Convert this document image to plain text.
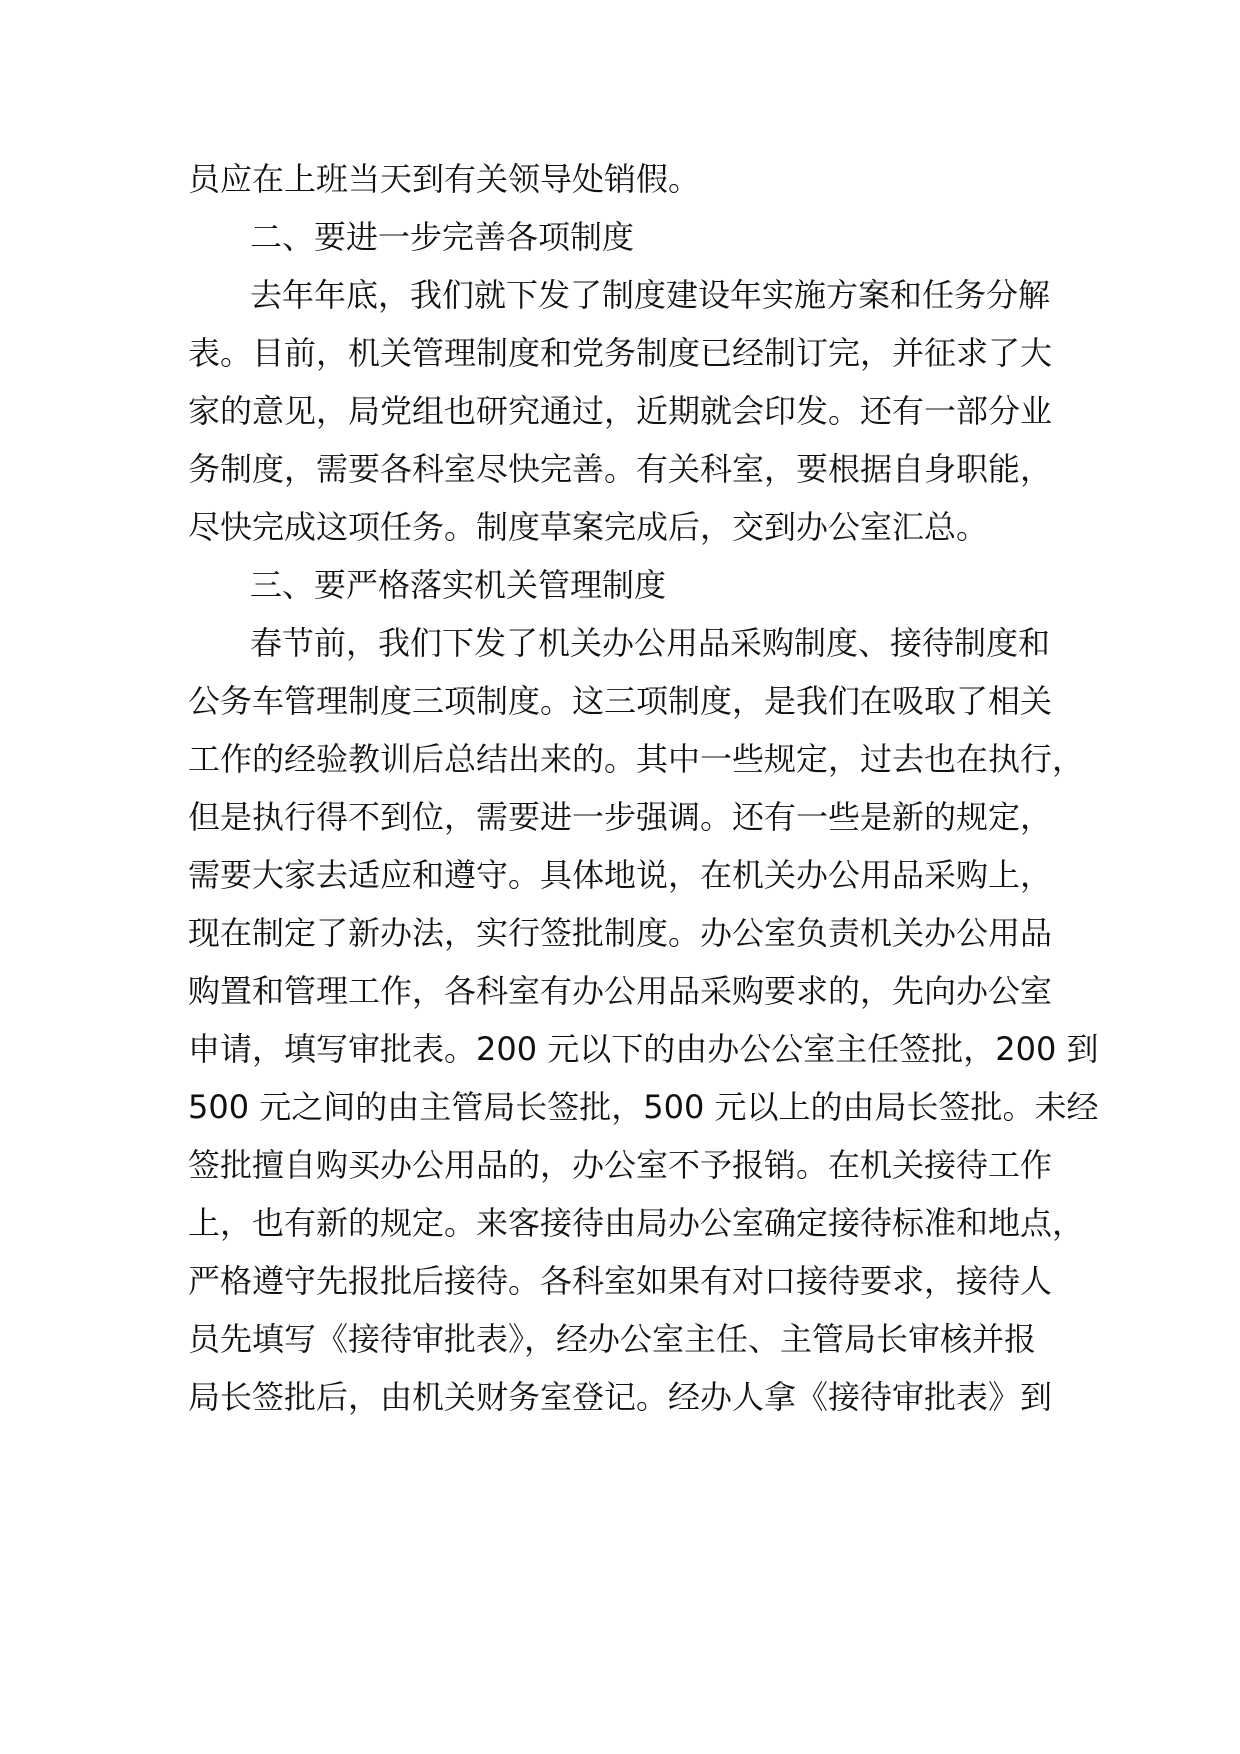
员应在上班当天到有关领导处销假。
二、要进一步完善各项制度
去年年底，我们就下发了制度建设年实施方案和任务分解
表。目前，机关管理制度和党务制度已经制订完，并征求了大
家的意见，局党组也研究通过，近期就会印发。还有一部分业
务制度，需要各科室尽快完善。有关科室，要根据自身职能，
尽快完成这项任务。制度草案完成后，交到办公室汇总。
三、要严格落实机关管理制度
春节前，我们下发了机关办公用品采购制度、接待制度和
公务车管理制度三项制度。这三项制度，是我们在吸取了相关
工作的经验教训后总结出来的。其中一些规定，过去也在执行，
但是执行得不到位，需要进一步强调。还有一些是新的规定，
需要大家去适应和遵守。具体地说，在机关办公用品采购上，
现在制定了新办法，实行签批制度。办公室负责机关办公用品
购置和管理工作，各科室有办公用品采购要求的，先向办公室
申请，填写审批表。200 元以下的由办公公室主任签批，200 到
500 元之间的由主管局长签批，500 元以上的由局长签批。未经
签批擅自购买办公用品的，办公室不予报销。在机关接待工作
上，也有新的规定。来客接待由局办公室确定接待标准和地点，
严格遵守先报批后接待。各科室如果有对口接待要求，接待人
员先填写《接待审批表》，经办公室主任、主管局长审核并报
局长签批后，由机关财务室登记。经办人拿《接待审批表》到
